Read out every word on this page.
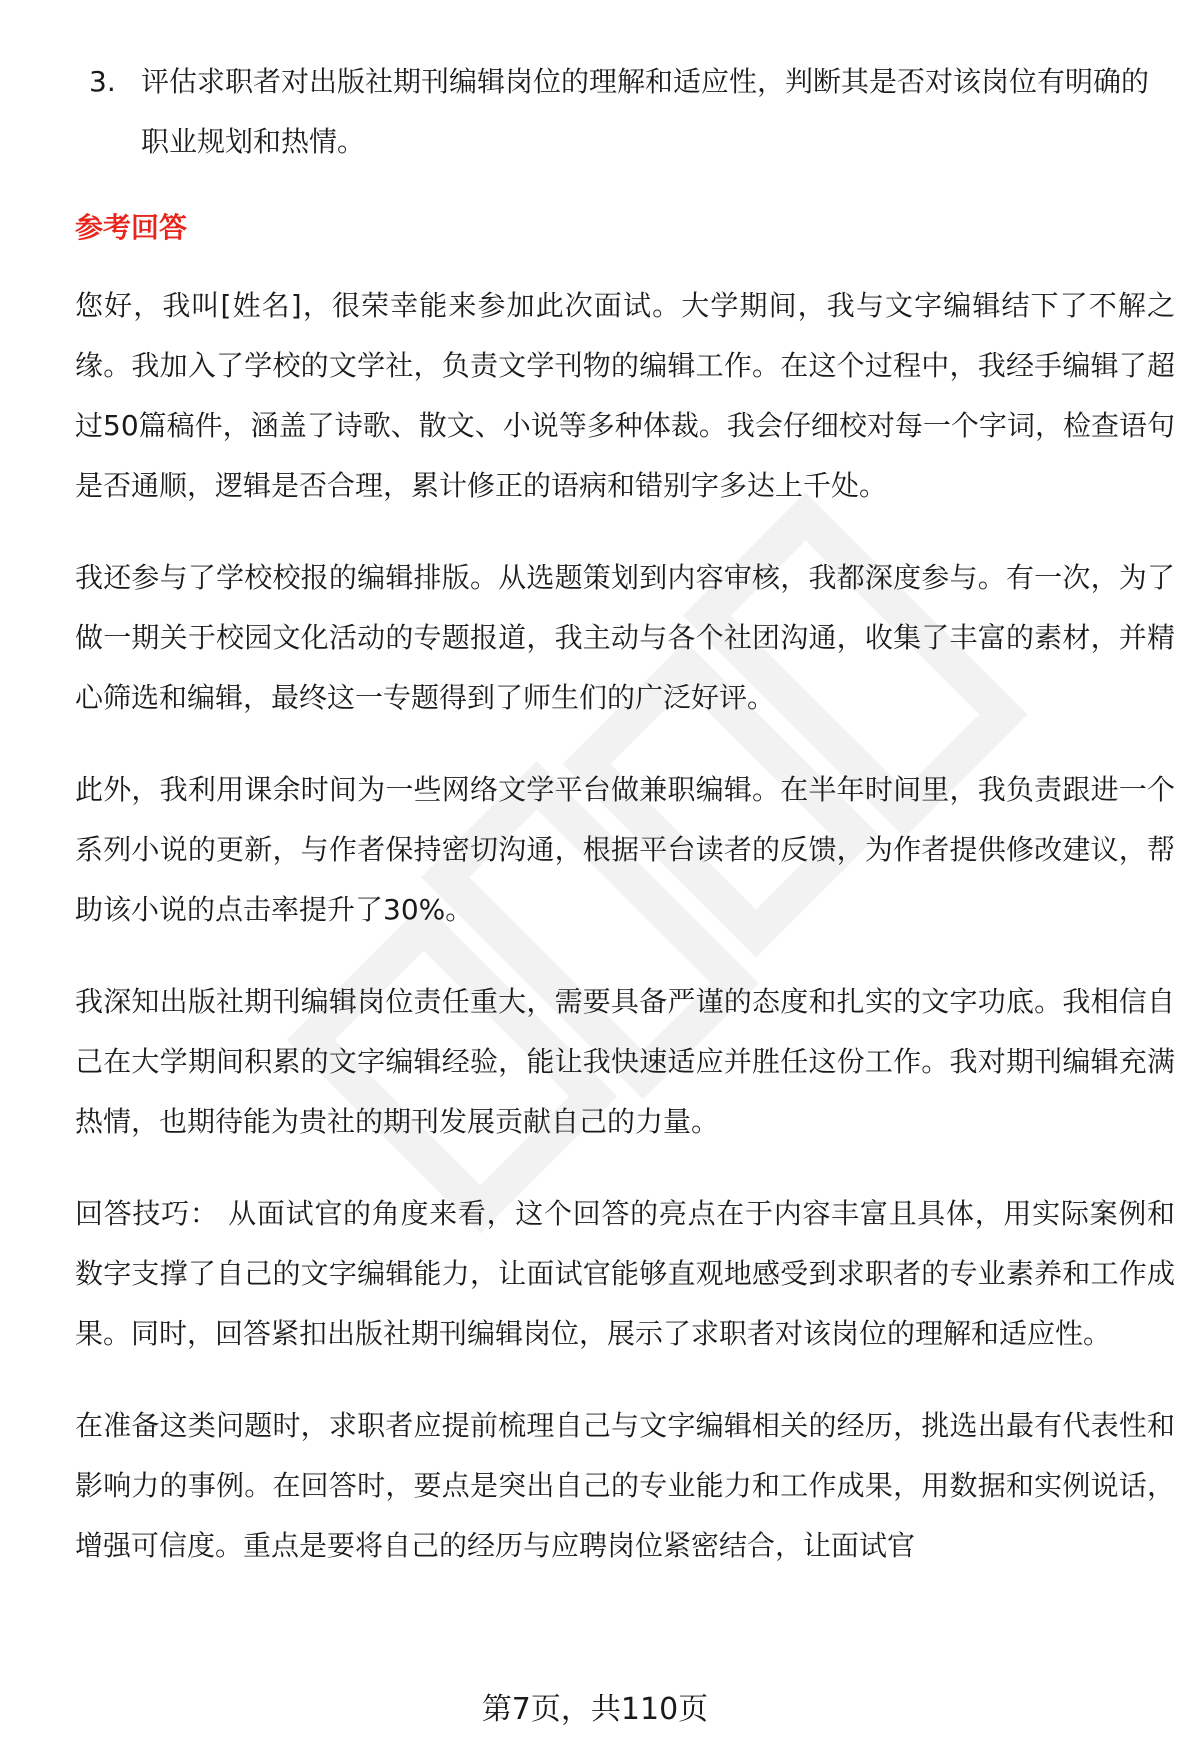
3. 评估求职者对出版社期刊编辑岗位的理解和适应性，判断其是否对该岗位有明确的职业规划和热情。
参考回答

您好，我叫[姓名]，很荣幸能来参加此次面试。大学期间，我与文字编辑结下了不解之缘。我加入了学校的文学社，负责文学刊物的编辑工作。在这个过程中，我经手编辑了超过50篇稿件，涵盖了诗歌、散文、小说等多种体裁。我会仔细校对每一个字词，检查语句是否通顺，逻辑是否合理，累计修正的语病和错别字多达上千处。

我还参与了学校校报的编辑排版。从选题策划到内容审核，我都深度参与。有一次，为了做一期关于校园文化活动的专题报道，我主动与各个社团沟通，收集了丰富的素材，并精心筛选和编辑，最终这一专题得到了师生们的广泛好评。

此外，我利用课余时间为一些网络文学平台做兼职编辑。在半年时间里，我负责跟进一个系列小说的更新，与作者保持密切沟通，根据平台读者的反馈，为作者提供修改建议，帮助该小说的点击率提升了30%。

我深知出版社期刊编辑岗位责任重大，需要具备严谨的态度和扎实的文字功底。我相信自己在大学期间积累的文字编辑经验，能让我快速适应并胜任这份工作。我对期刊编辑充满热情，也期待能为贵社的期刊发展贡献自己的力量。

回答技巧： 从面试官的角度来看，这个回答的亮点在于内容丰富且具体，用实际案例和数字支撑了自己的文字编辑能力，让面试官能够直观地感受到求职者的专业素养和工作成果。同时，回答紧扣出版社期刊编辑岗位，展示了求职者对该岗位的理解和适应性。

在准备这类问题时，求职者应提前梳理自己与文字编辑相关的经历，挑选出最有代表性和影响力的事例。在回答时，要点是突出自己的专业能力和工作成果，用数据和实例说话，增强可信度。重点是要将自己的经历与应聘岗位紧密结合，让面试官

第7页，共110页
